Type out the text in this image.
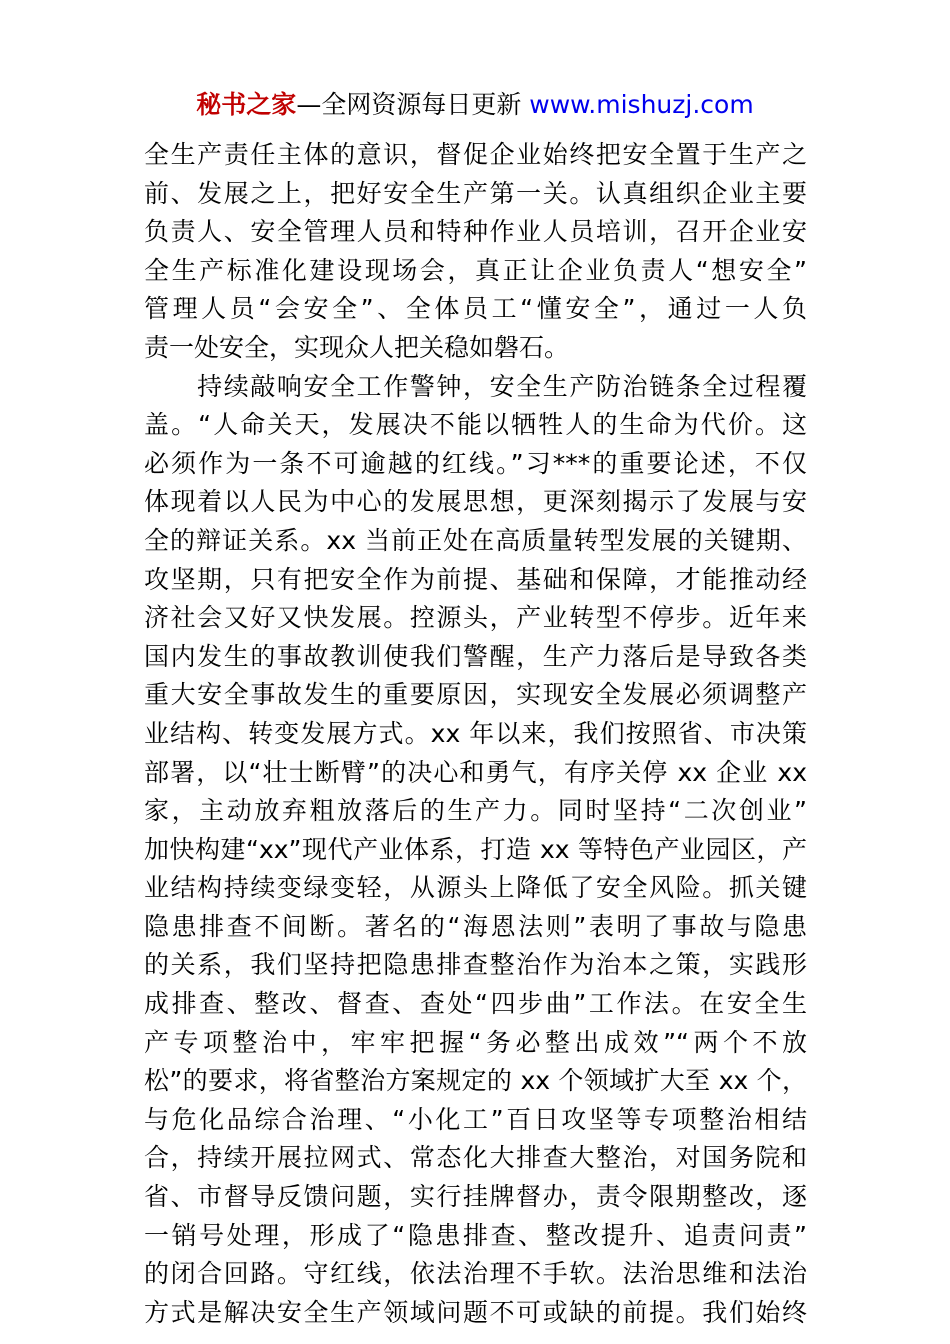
秘书之家—全网资源每日更新 www.mishuzj.com
全生产责任主体的意识，督促企业始终把安全置于生产之
前、发展之上，把好安全生产第一关。认真组织企业主要
负责人、安全管理人员和特种作业人员培训，召开企业安
全生产标准化建设现场会，真正让企业负责人“想安全”
管理人员“会安全”、全体员工“懂安全”，通过一人负
责一处安全，实现众人把关稳如磐石。
　　持续敲响安全工作警钟，安全生产防治链条全过程覆
盖。“人命关天，发展决不能以牺牲人的生命为代价。这
必须作为一条不可逾越的红线。”习***的重要论述，不仅
体现着以人民为中心的发展思想，更深刻揭示了发展与安
全的辩证关系。xx 当前正处在高质量转型发展的关键期、
攻坚期，只有把安全作为前提、基础和保障，才能推动经
济社会又好又快发展。控源头，产业转型不停步。近年来
国内发生的事故教训使我们警醒，生产力落后是导致各类
重大安全事故发生的重要原因，实现安全发展必须调整产
业结构、转变发展方式。xx 年以来，我们按照省、市决策
部署，以“壮士断臂”的决心和勇气，有序关停 xx 企业 xx
家，主动放弃粗放落后的生产力。同时坚持“二次创业”
加快构建“xx”现代产业体系，打造 xx 等特色产业园区，产
业结构持续变绿变轻，从源头上降低了安全风险。抓关键
隐患排查不间断。著名的“海恩法则”表明了事故与隐患
的关系，我们坚持把隐患排查整治作为治本之策，实践形
成排查、整改、督查、查处“四步曲”工作法。在安全生
产专项整治中，牢牢把握“务必整出成效”“两个不放
松”的要求，将省整治方案规定的 xx 个领域扩大至 xx 个，
与危化品综合治理、“小化工”百日攻坚等专项整治相结
合，持续开展拉网式、常态化大排查大整治，对国务院和
省、市督导反馈问题，实行挂牌督办，责令限期整改，逐
一销号处理，形成了“隐患排查、整改提升、追责问责”
的闭合回路。守红线，依法治理不手软。法治思维和法治
方式是解决安全生产领域问题不可或缺的前提。我们始终
